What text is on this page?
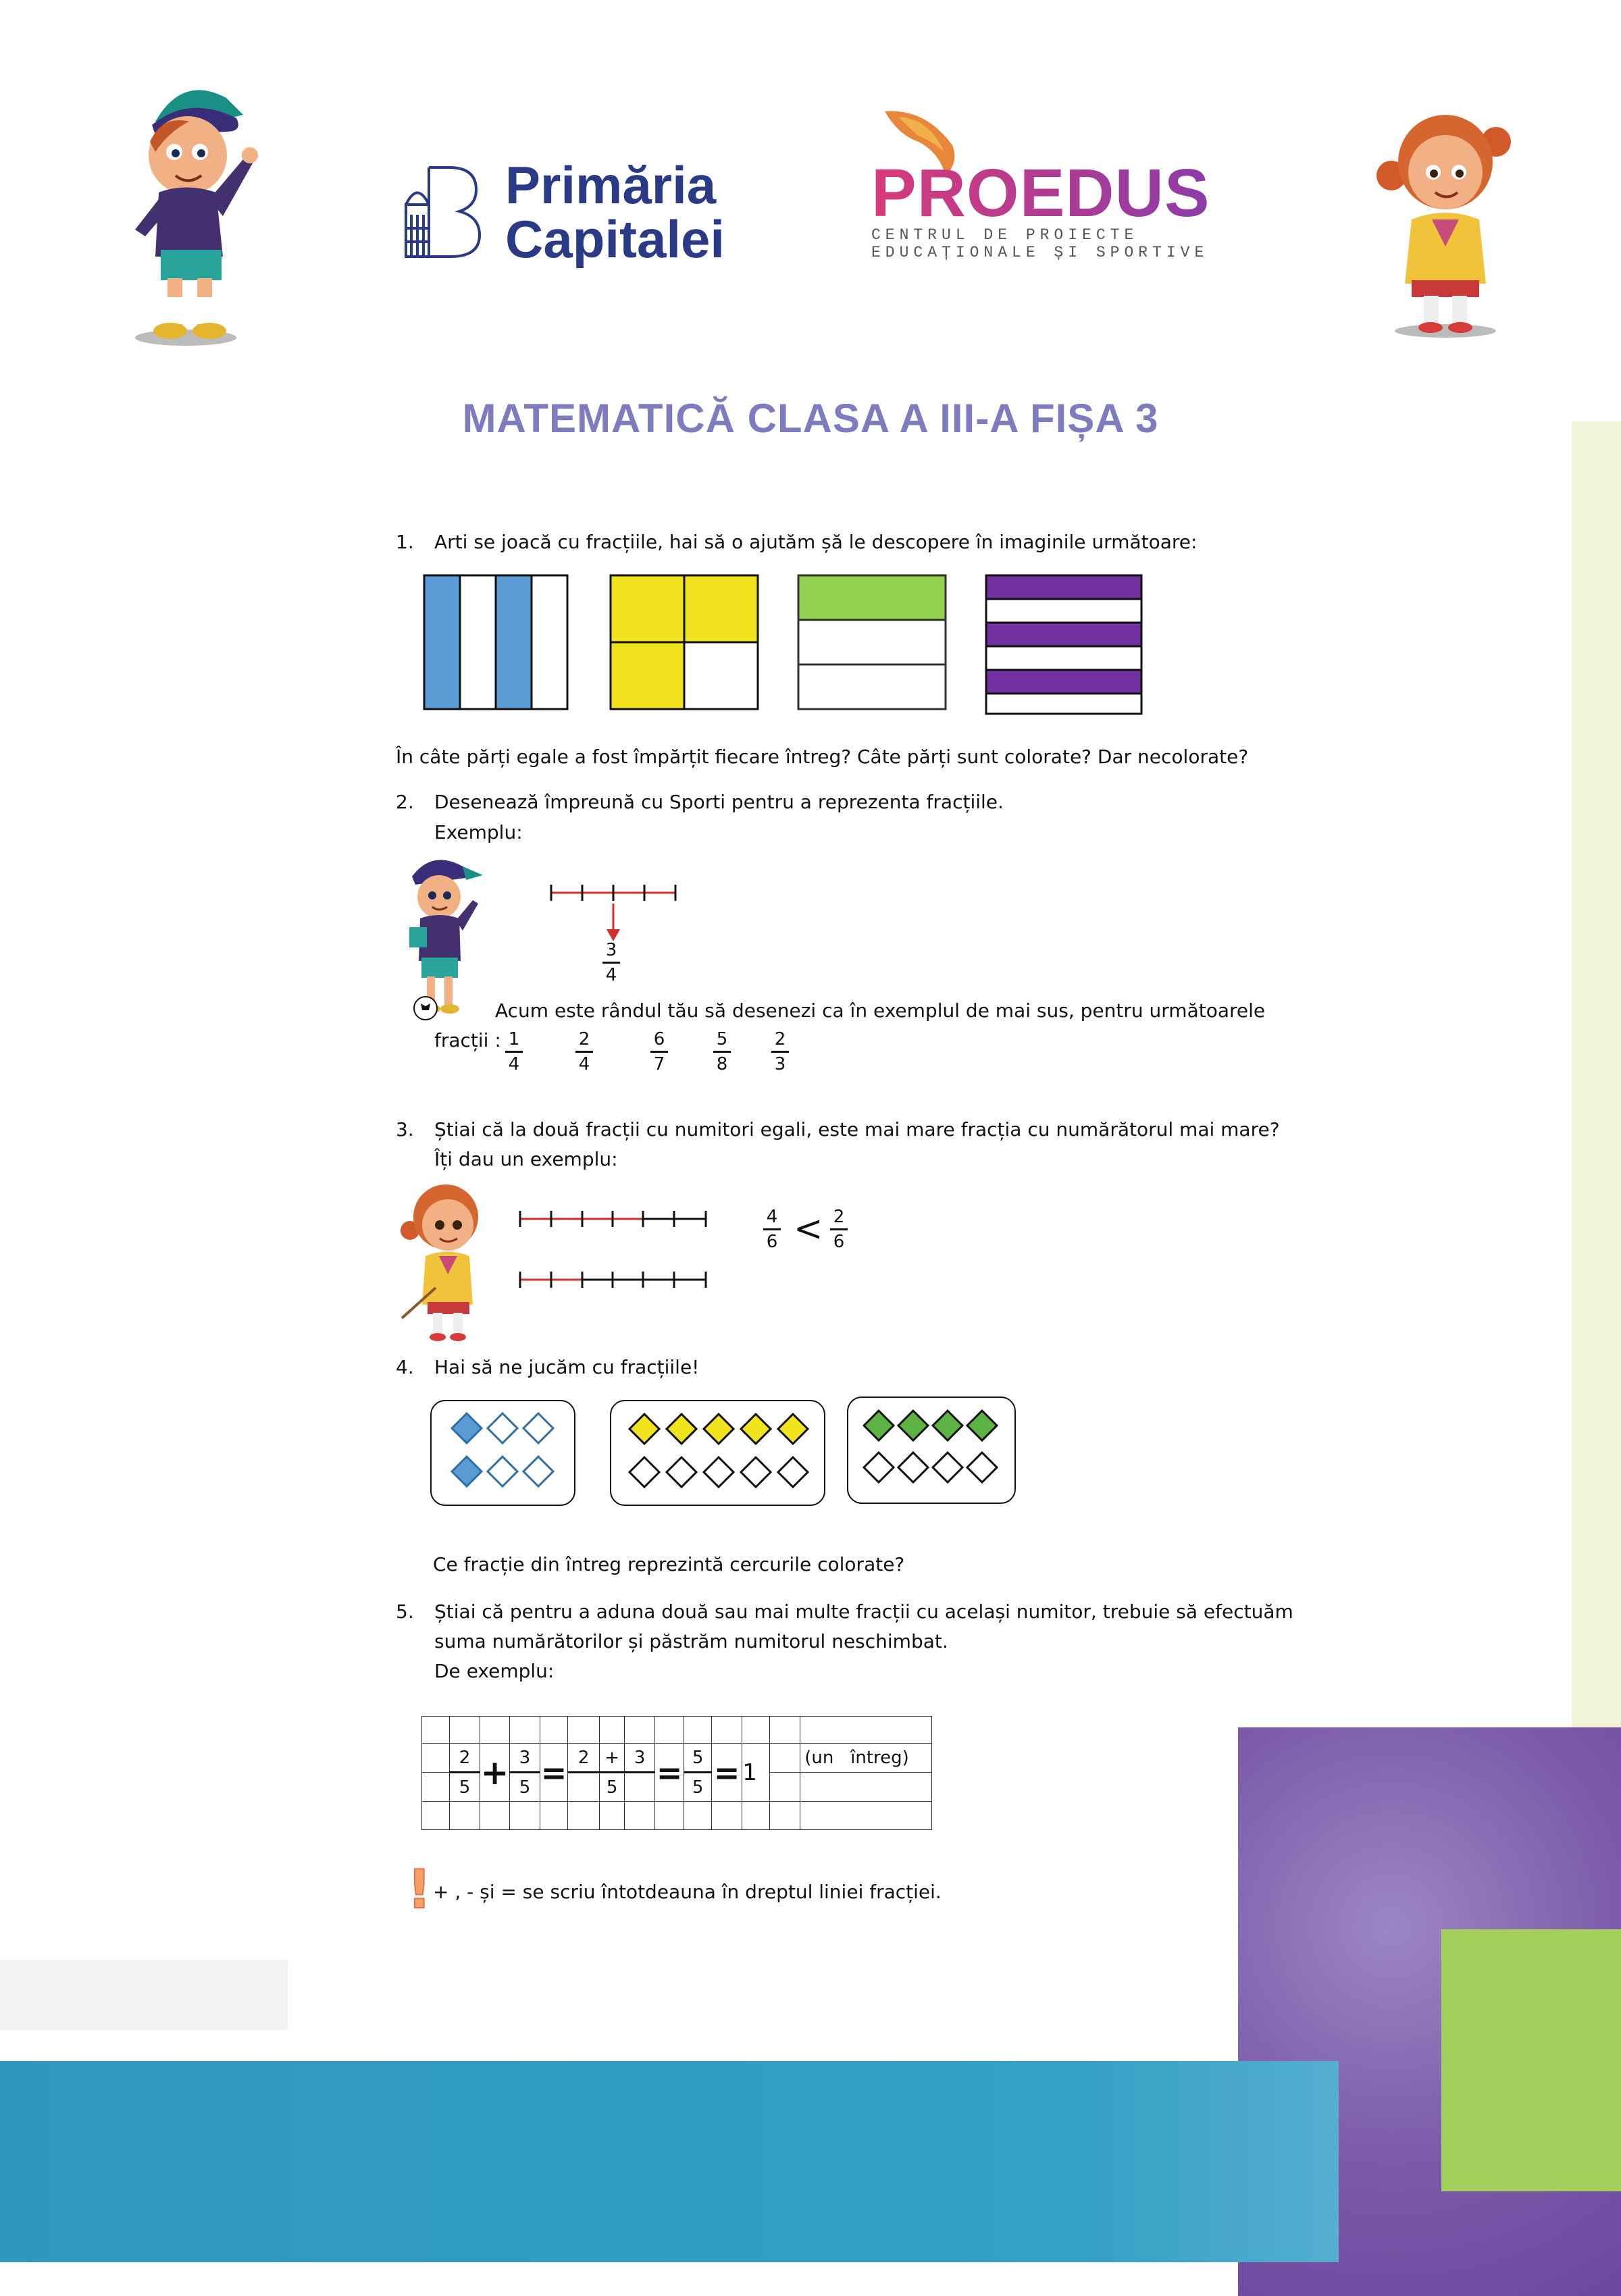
Primăria
Capitalei
PROEDUS
CENTRUL DE PROIECTE
EDUCAȚIONALE ȘI SPORTIVE
MATEMATICĂ CLASA A III-A FIȘA 3
1. Arti se joacă cu fracțiile, hai să o ajutăm șă le descopere în imaginile următoare:
În câte părți egale a fost împărțit fiecare întreg? Câte părți sunt colorate? Dar necolorate?
2. Desenează împreună cu Sporti pentru a reprezenta fracțiile.
Exemplu:
3
4
Acum este rândul tău să desenezi ca în exemplul de mai sus, pentru următoarele
fracții : 1
4
2
4
6
7
5
8
2
3
3. Știai că la două fracții cu numitori egali, este mai mare fracția cu numărătorul mai mare?
Îți dau un exemplu:
4
6 < 2
6
4. Hai să ne jucăm cu fracțiile!
Ce fracție din întreg reprezintă cercurile colorate?
5. Știai că pentru a aduna două sau mai multe fracții cu același numitor, trebuie să efectuăm
suma numărătorilor și păstrăm numitorul neschimbat.
De exemplu:

	2	+	3	=	2	+	3	=	5	=	1		(un   întreg)
	5		5			5			5				

! + , - și = se scriu întotdeauna în dreptul liniei fracției.
